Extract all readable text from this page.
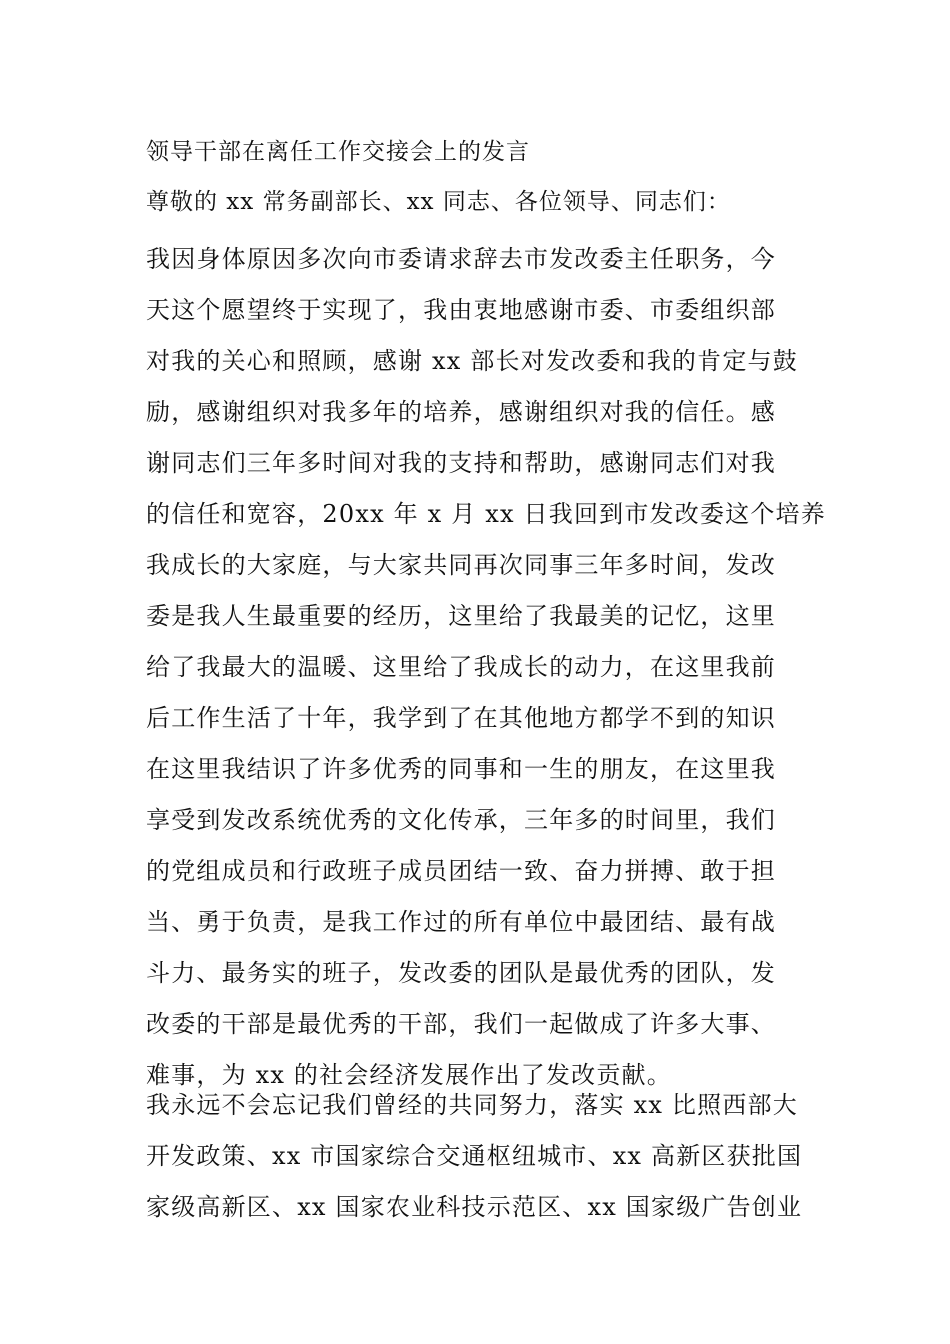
领导干部在离任工作交接会上的发言

尊敬的 xx 常务副部长、xx 同志、各位领导、同志们：

我因身体原因多次向市委请求辞去市发改委主任职务，今
天这个愿望终于实现了，我由衷地感谢市委、市委组织部
对我的关心和照顾，感谢 xx 部长对发改委和我的肯定与鼓
励，感谢组织对我多年的培养，感谢组织对我的信任。感
谢同志们三年多时间对我的支持和帮助，感谢同志们对我
的信任和宽容，20xx 年 x 月 xx 日我回到市发改委这个培养
我成长的大家庭，与大家共同再次同事三年多时间，发改
委是我人生最重要的经历，这里给了我最美的记忆，这里
给了我最大的温暖、这里给了我成长的动力，在这里我前
后工作生活了十年，我学到了在其他地方都学不到的知识
在这里我结识了许多优秀的同事和一生的朋友，在这里我
享受到发改系统优秀的文化传承，三年多的时间里，我们
的党组成员和行政班子成员团结一致、奋力拼搏、敢于担
当、勇于负责，是我工作过的所有单位中最团结、最有战
斗力、最务实的班子，发改委的团队是最优秀的团队，发
改委的干部是最优秀的干部，我们一起做成了许多大事、
难事，为 xx 的社会经济发展作出了发改贡献。
我永远不会忘记我们曾经的共同努力，落实 xx 比照西部大
开发政策、xx 市国家综合交通枢纽城市、xx 高新区获批国
家级高新区、xx 国家农业科技示范区、xx 国家级广告创业
